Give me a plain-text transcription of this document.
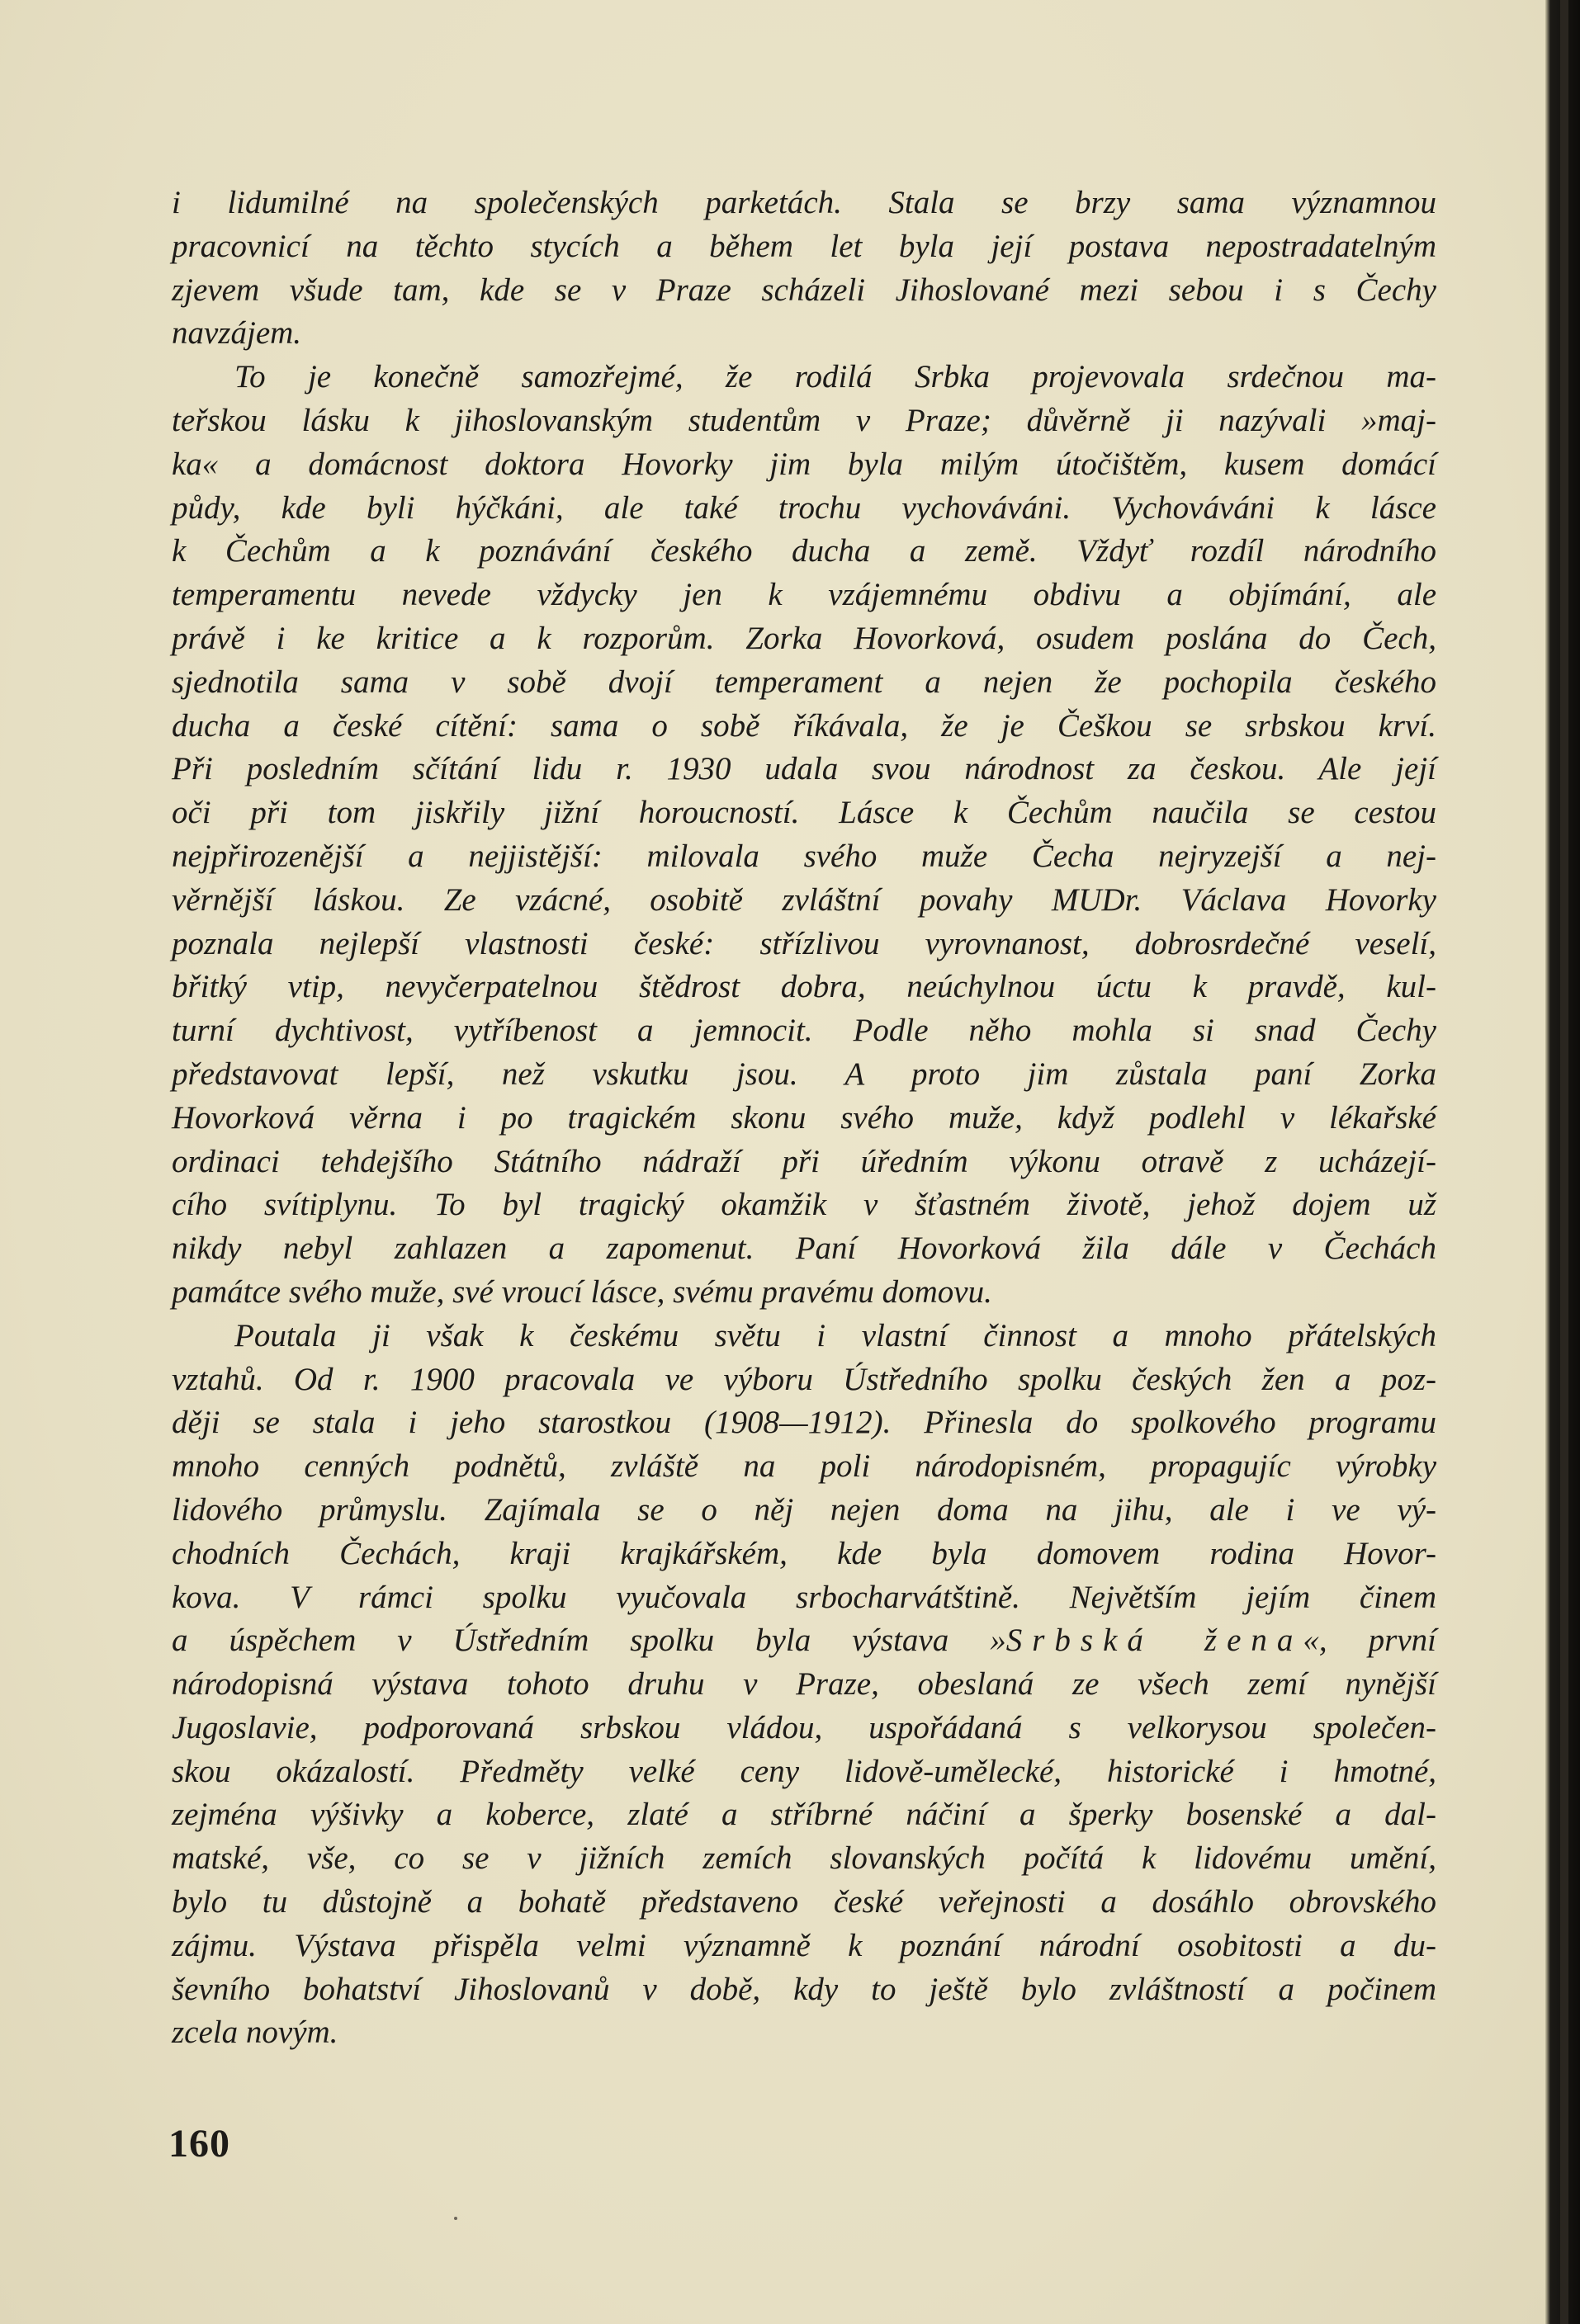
i lidumilné na společenských parketách. Stala se brzy sama významnou
pracovnicí na těchto stycích a během let byla její postava nepostradatelným
zjevem všude tam, kde se v Praze scházeli Jihoslované mezi sebou i s Čechy
navzájem.
To je konečně samozřejmé, že rodilá Srbka projevovala srdečnou ma-
teřskou lásku k jihoslovanským studentům v Praze; důvěrně ji nazývali »maj-
ka« a domácnost doktora Hovorky jim byla milým útočištěm, kusem domácí
půdy, kde byli hýčkáni, ale také trochu vychováváni. Vychováváni k lásce
k Čechům a k poznávání českého ducha a země. Vždyť rozdíl národního
temperamentu nevede vždycky jen k vzájemnému obdivu a objímání, ale
právě i ke kritice a k rozporům. Zorka Hovorková, osudem poslána do Čech,
sjednotila sama v sobě dvojí temperament a nejen že pochopila českého
ducha a české cítění: sama o sobě říkávala, že je Češkou se srbskou krví.
Při posledním sčítání lidu r. 1930 udala svou národnost za českou. Ale její
oči při tom jiskřily jižní horoucností. Lásce k Čechům naučila se cestou
nejpřirozenější a nejjistější: milovala svého muže Čecha nejryzejší a nej-
věrnější láskou. Ze vzácné, osobitě zvláštní povahy MUDr. Václava Hovorky
poznala nejlepší vlastnosti české: střízlivou vyrovnanost, dobrosrdečné veselí,
břitký vtip, nevyčerpatelnou štědrost dobra, neúchylnou úctu k pravdě, kul-
turní dychtivost, vytříbenost a jemnocit. Podle něho mohla si snad Čechy
představovat lepší, než vskutku jsou. A proto jim zůstala paní Zorka
Hovorková věrna i po tragickém skonu svého muže, když podlehl v lékařské
ordinaci tehdejšího Státního nádraží při úředním výkonu otravě z ucházejí-
cího svítiplynu. To byl tragický okamžik v šťastném životě, jehož dojem už
nikdy nebyl zahlazen a zapomenut. Paní Hovorková žila dále v Čechách
památce svého muže, své vroucí lásce, svému pravému domovu.
Poutala ji však k českému světu i vlastní činnost a mnoho přátelských
vztahů. Od r. 1900 pracovala ve výboru Ústředního spolku českých žen a poz-
ději se stala i jeho starostkou (1908—1912). Přinesla do spolkového programu
mnoho cenných podnětů, zvláště na poli národopisném, propagujíc výrobky
lidového průmyslu. Zajímala se o něj nejen doma na jihu, ale i ve vý-
chodních Čechách, kraji krajkářském, kde byla domovem rodina Hovor-
kova. V rámci spolku vyučovala srbocharvátštině. Největším jejím činem
a úspěchem v Ústředním spolku byla výstava »Srbská žena«, první
národopisná výstava tohoto druhu v Praze, obeslaná ze všech zemí nynější
Jugoslavie, podporovaná srbskou vládou, uspořádaná s velkorysou společen-
skou okázalostí. Předměty velké ceny lidově-umělecké, historické i hmotné,
zejména výšivky a koberce, zlaté a stříbrné náčiní a šperky bosenské a dal-
matské, vše, co se v jižních zemích slovanských počítá k lidovému umění,
bylo tu důstojně a bohatě představeno české veřejnosti a dosáhlo obrovského
zájmu. Výstava přispěla velmi významně k poznání národní osobitosti a du-
ševního bohatství Jihoslovanů v době, kdy to ještě bylo zvláštností a počinem
zcela novým.
160
